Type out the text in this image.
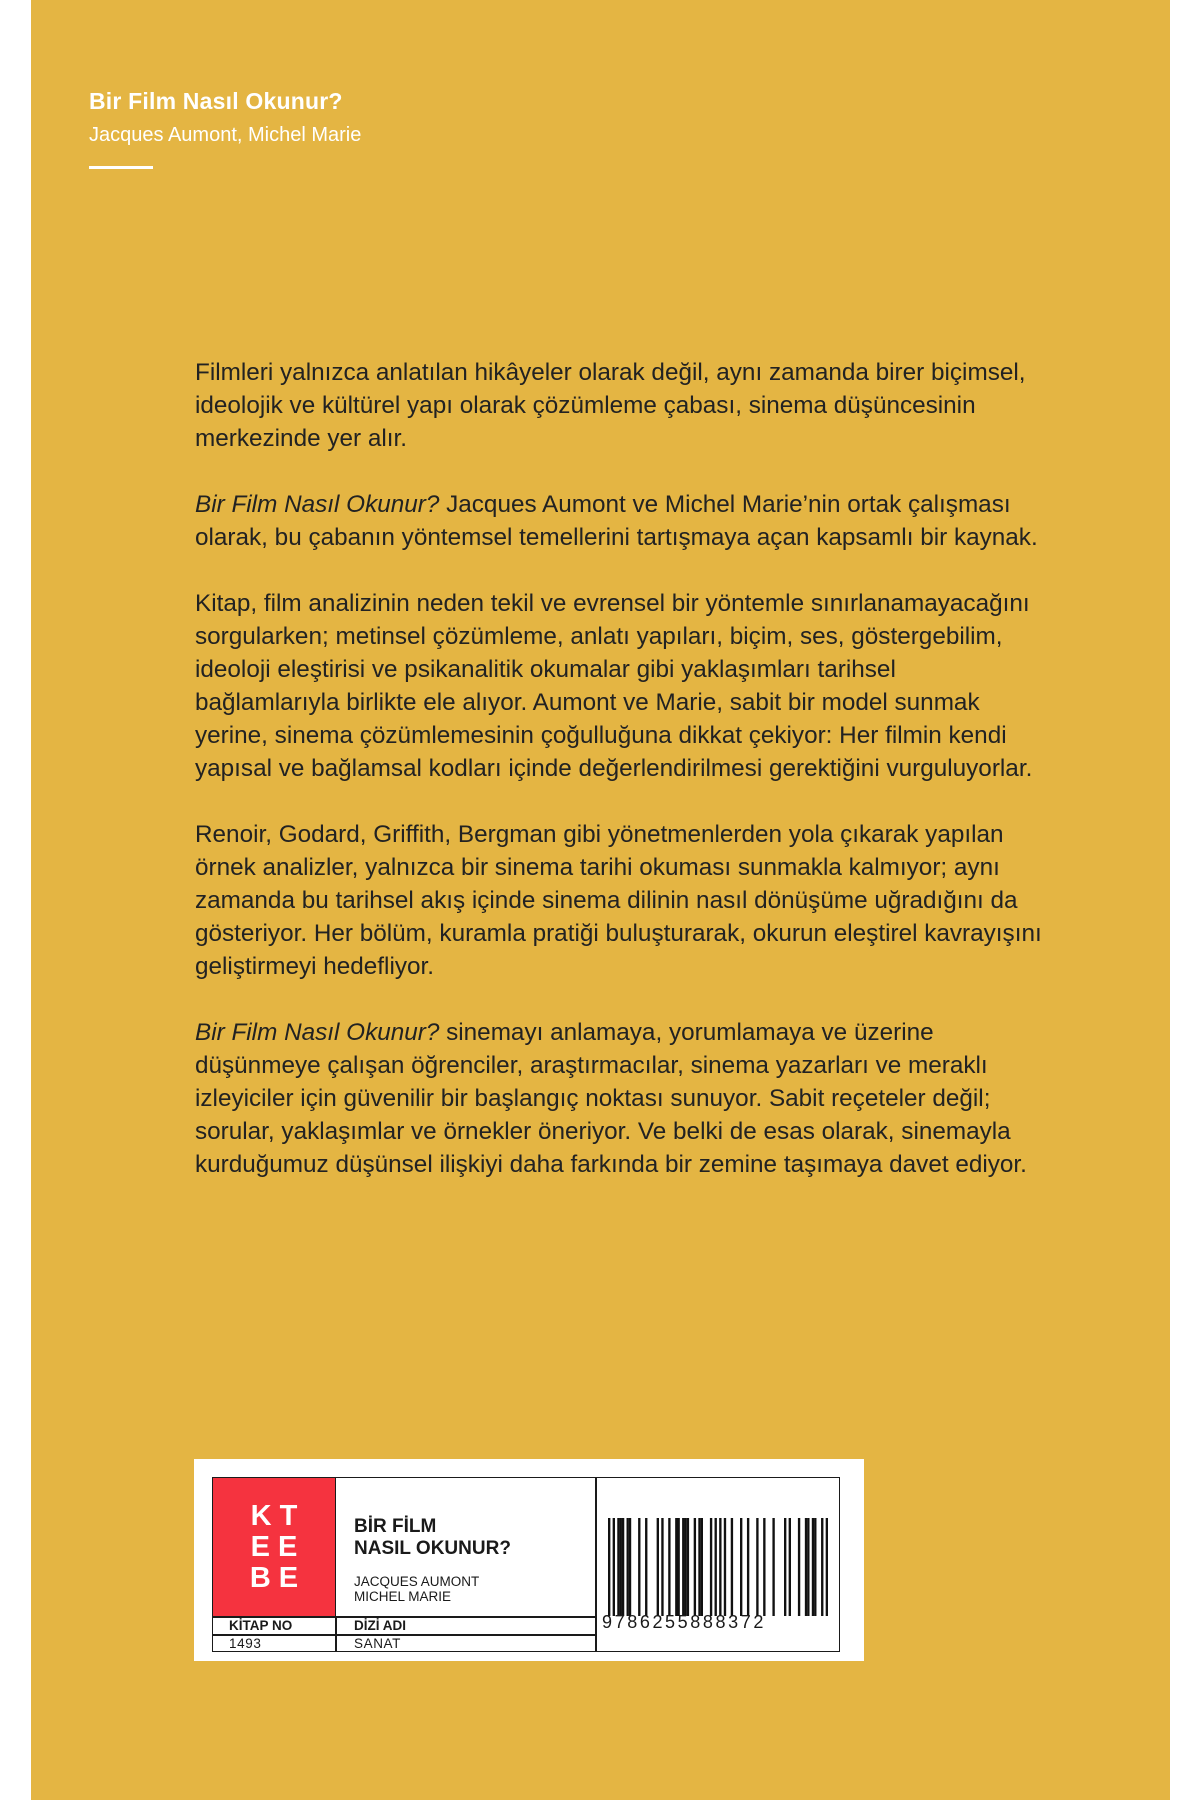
Bir Film Nasıl Okunur?
Jacques Aumont, Michel Marie

Filmleri yalnızca anlatılan hikâyeler olarak değil, aynı zamanda birer biçimsel, ideolojik ve kültürel yapı olarak çözümleme çabası, sinema düşüncesinin merkezinde yer alır.

Bir Film Nasıl Okunur? Jacques Aumont ve Michel Marie’nin ortak çalışması olarak, bu çabanın yöntemsel temellerini tartışmaya açan kapsamlı bir kaynak.

Kitap, film analizinin neden tekil ve evrensel bir yöntemle sınırlanamayacağını sorgularken; metinsel çözümleme, anlatı yapıları, biçim, ses, göstergebilim, ideoloji eleştirisi ve psikanalitik okumalar gibi yaklaşımları tarihsel bağlamlarıyla birlikte ele alıyor. Aumont ve Marie, sabit bir model sunmak yerine, sinema çözümlemesinin çoğulluğuna dikkat çekiyor: Her filmin kendi yapısal ve bağlamsal kodları içinde değerlendirilmesi gerektiğini vurguluyorlar.

Renoir, Godard, Griffith, Bergman gibi yönetmenlerden yola çıkarak yapılan örnek analizler, yalnızca bir sinema tarihi okuması sunmakla kalmıyor; aynı zamanda bu tarihsel akış içinde sinema dilinin nasıl dönüşüme uğradığını da gösteriyor. Her bölüm, kuramla pratiği buluşturarak, okurun eleştirel kavrayışını geliştirmeyi hedefliyor.

Bir Film Nasıl Okunur? sinemayı anlamaya, yorumlamaya ve üzerine düşünmeye çalışan öğrenciler, araştırmacılar, sinema yazarları ve meraklı izleyiciler için güvenilir bir başlangıç noktası sunuyor. Sabit reçeteler değil; sorular, yaklaşımlar ve örnekler öneriyor. Ve belki de esas olarak, sinemayla kurduğumuz düşünsel ilişkiyi daha farkında bir zemine taşımaya davet ediyor.

KT
EE
BE
BİR FİLM
NASIL OKUNUR?
JACQUES AUMONT
MICHEL MARIE
KİTAP NO	DİZİ ADI
1493	SANAT
9786255888372
